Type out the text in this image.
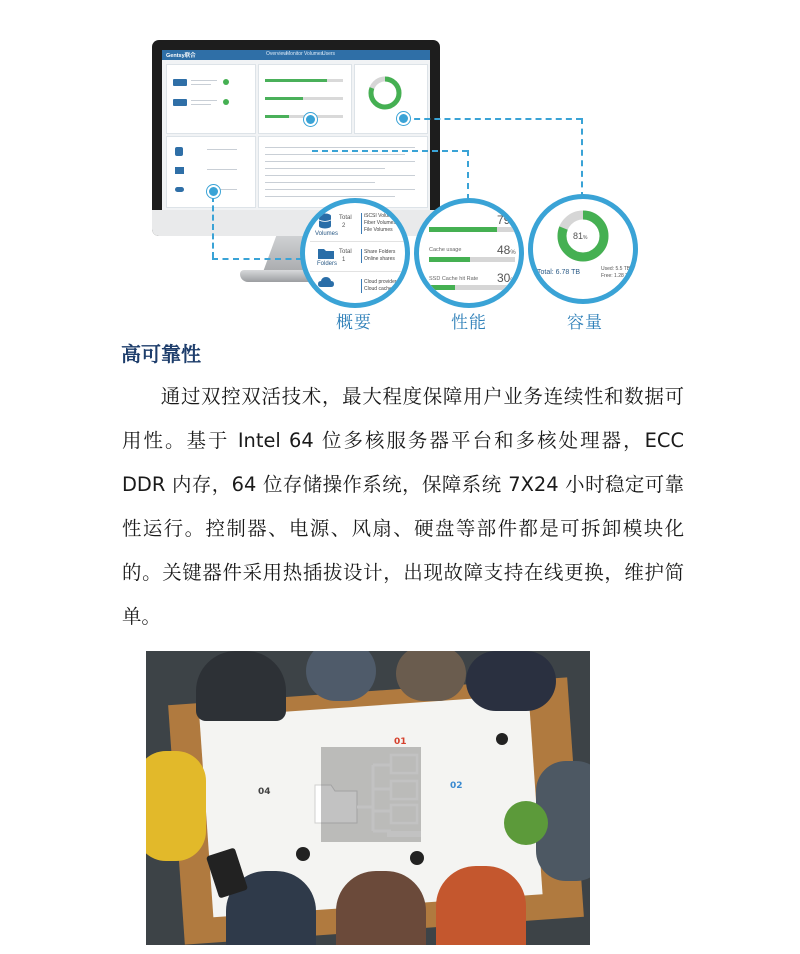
Gentsy联合	Overview Monitor Volumes
Users
Volumes
Total
2
iSCSI Volumes
Fiber Volumes
File Volumes
Folders
Total
1
Share Folders
Online shares
Cloud provider
Cloud cache
概要
79%
Cache usage	48%
SSD Cache hit Rate 30%
性能
81%
Total: 6.78 TB	Used: 5.5 TB
Free: 1.28 TB
容量
高可靠性
通过双控双活技术，最大程度保障用户业务连续性和数据可用性。基于 Intel 64 位多核服务器平台和多核处理器，ECC DDR 内存，64 位存储操作系统，保障系统 7X24 小时稳定可靠性运行。控制器、电源、风扇、硬盘等部件都是可拆卸模块化的。关键器件采用热插拔设计，出现故障支持在线更换，维护简单。
01
02
04
